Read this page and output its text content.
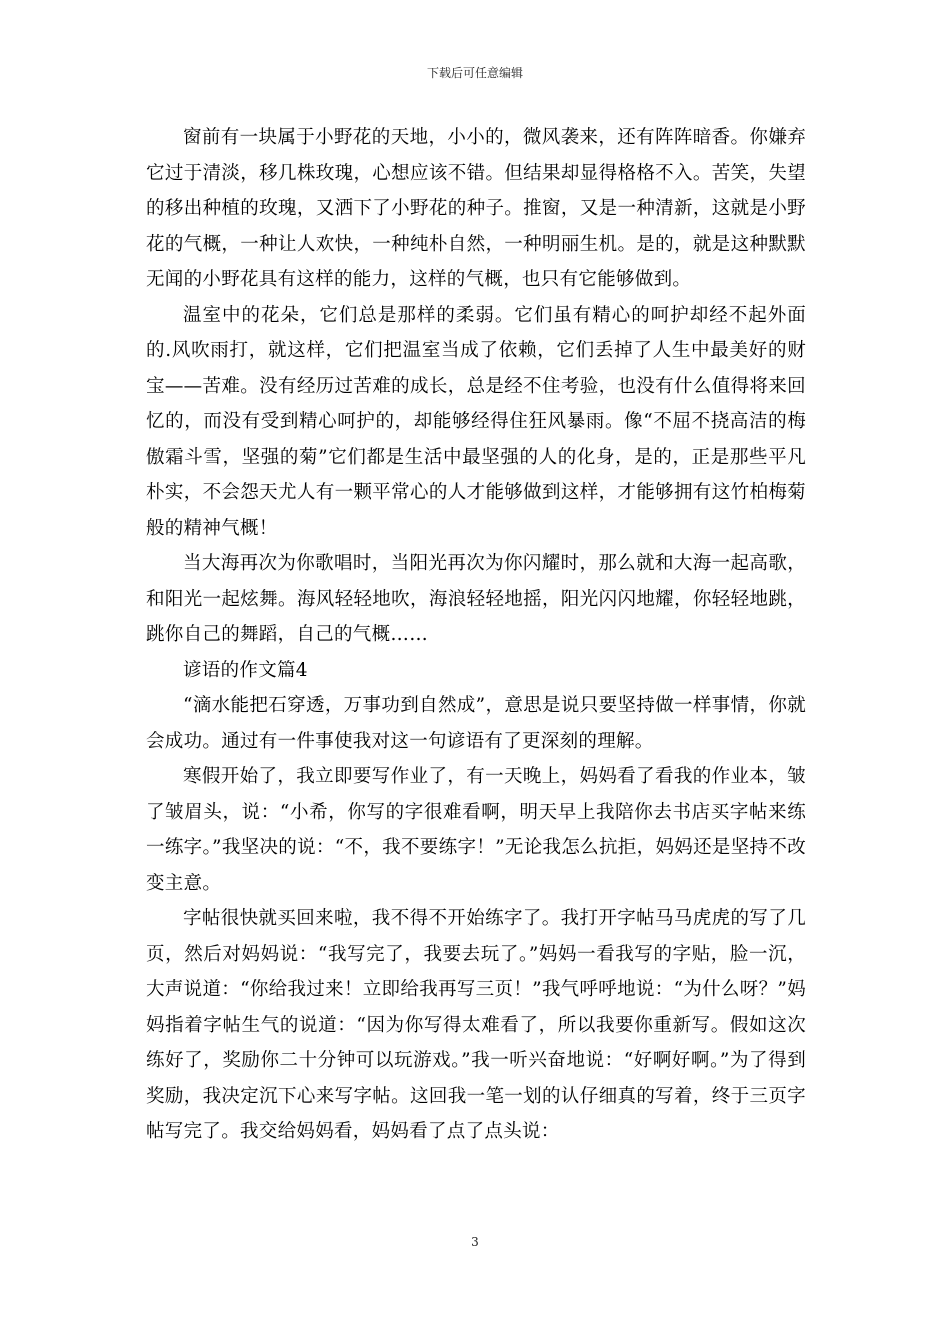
下载后可任意编辑

窗前有一块属于小野花的天地，小小的，微风袭来，还有阵阵暗香。你嫌弃它过于清淡，移几株玫瑰，心想应该不错。但结果却显得格格不入。苦笑，失望的移出种植的玫瑰，又洒下了小野花的种子。推窗，又是一种清新，这就是小野花的气概，一种让人欢快，一种纯朴自然，一种明丽生机。是的，就是这种默默无闻的小野花具有这样的能力，这样的气概，也只有它能够做到。

温室中的花朵，它们总是那样的柔弱。它们虽有精心的呵护却经不起外面的.风吹雨打，就这样，它们把温室当成了依赖，它们丢掉了人生中最美好的财宝——苦难。没有经历过苦难的成长，总是经不住考验，也没有什么值得将来回忆的，而没有受到精心呵护的，却能够经得住狂风暴雨。像“不屈不挠高洁的梅傲霜斗雪，坚强的菊”它们都是生活中最坚强的人的化身，是的，正是那些平凡朴实，不会怨天尤人有一颗平常心的人才能够做到这样，才能够拥有这竹柏梅菊般的精神气概！

当大海再次为你歌唱时，当阳光再次为你闪耀时，那么就和大海一起高歌，和阳光一起炫舞。海风轻轻地吹，海浪轻轻地摇，阳光闪闪地耀，你轻轻地跳，跳你自己的舞蹈，自己的气概……

谚语的作文篇4

“滴水能把石穿透，万事功到自然成”，意思是说只要坚持做一样事情，你就会成功。通过有一件事使我对这一句谚语有了更深刻的理解。

寒假开始了，我立即要写作业了，有一天晚上，妈妈看了看我的作业本，皱了皱眉头，说：“小希，你写的字很难看啊，明天早上我陪你去书店买字帖来练一练字。”我坚决的说：“不，我不要练字！”无论我怎么抗拒，妈妈还是坚持不改变主意。

字帖很快就买回来啦，我不得不开始练字了。我打开字帖马马虎虎的写了几页，然后对妈妈说：“我写完了，我要去玩了。”妈妈一看我写的字贴，脸一沉，大声说道：“你给我过来！立即给我再写三页！”我气呼呼地说：“为什么呀？”妈妈指着字帖生气的说道：“因为你写得太难看了，所以我要你重新写。假如这次练好了，奖励你二十分钟可以玩游戏。”我一听兴奋地说：“好啊好啊。”为了得到奖励，我决定沉下心来写字帖。这回我一笔一划的认仔细真的写着，终于三页字帖写完了。我交给妈妈看，妈妈看了点了点头说：

3
